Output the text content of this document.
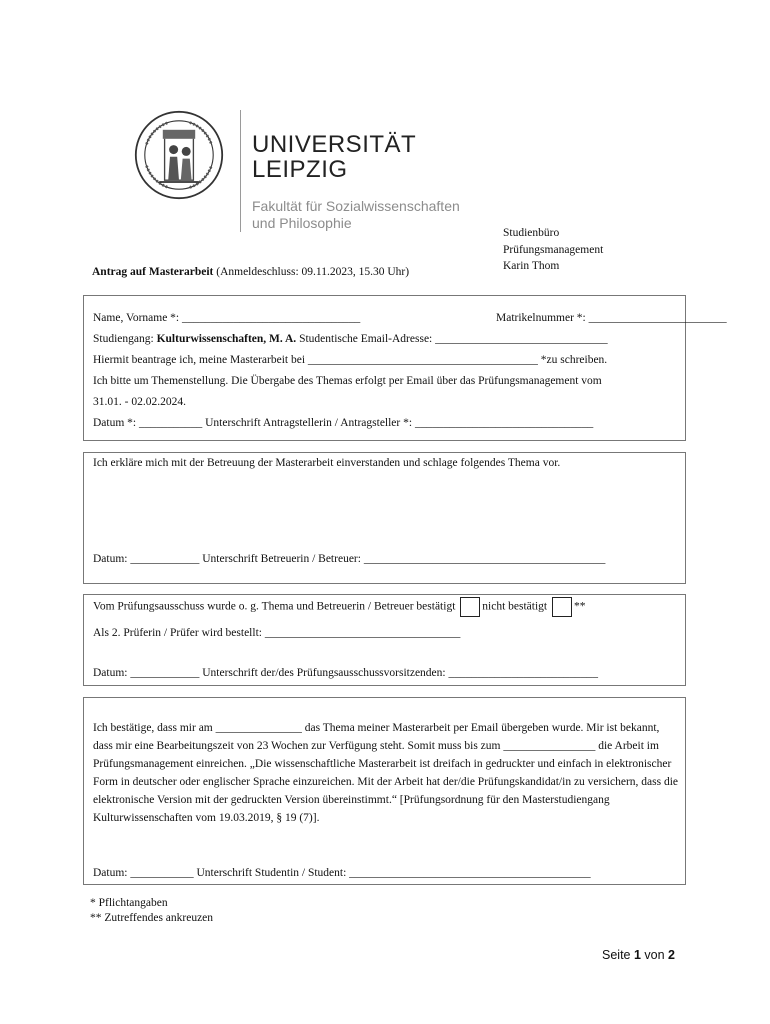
UNIVERSITÄT
LEIPZIG
Fakultät für Sozialwissenschaften
und Philosophie
Studienbüro
Prüfungsmanagement
Karin Thom
Antrag auf Masterarbeit (Anmeldeschluss: 09.11.2023, 15.30 Uhr)
Name, Vorname *: _______________________________	Matrikelnummer *: ________________________
Studiengang: Kulturwissenschaften, M. A. Studentische Email-Adresse: ______________________________
Hiermit beantrage ich, meine Masterarbeit bei ________________________________________ *zu schreiben.
Ich bitte um Themenstellung. Die Übergabe des Themas erfolgt per Email über das Prüfungsmanagement vom
31.01. - 02.02.2024.
Datum *: ___________ Unterschrift Antragstellerin / Antragsteller *: _______________________________
Ich erkläre mich mit der Betreuung der Masterarbeit einverstanden und schlage folgendes Thema vor.
Datum: ____________ Unterschrift Betreuerin / Betreuer: __________________________________________
Vom Prüfungsausschuss wurde o. g. Thema und Betreuerin / Betreuer bestätigt nicht bestätigt **
Als 2. Prüferin / Prüfer wird bestellt: __________________________________
Datum: ____________ Unterschrift der/des Prüfungsausschussvorsitzenden: __________________________
Ich bestätige, dass mir am _______________ das Thema meiner Masterarbeit per Email übergeben wurde. Mir ist bekannt, dass mir eine Bearbeitungszeit von 23 Wochen zur Verfügung steht. Somit muss bis zum ________________ die Arbeit im Prüfungsmanagement einreichen. „Die wissenschaftliche Masterarbeit ist dreifach in gedruckter und einfach in elektronischer Form in deutscher oder englischer Sprache einzureichen. Mit der Arbeit hat der/die Prüfungskandidat/in zu versichern, dass die elektronische Version mit der gedruckten Version übereinstimmt.“ [Prüfungsordnung für den Masterstudiengang Kulturwissenschaften vom 19.03.2019, § 19 (7)].
Datum: ___________ Unterschrift Studentin / Student: __________________________________________
* Pflichtangaben
** Zutreffendes ankreuzen
Seite 1 von 2
